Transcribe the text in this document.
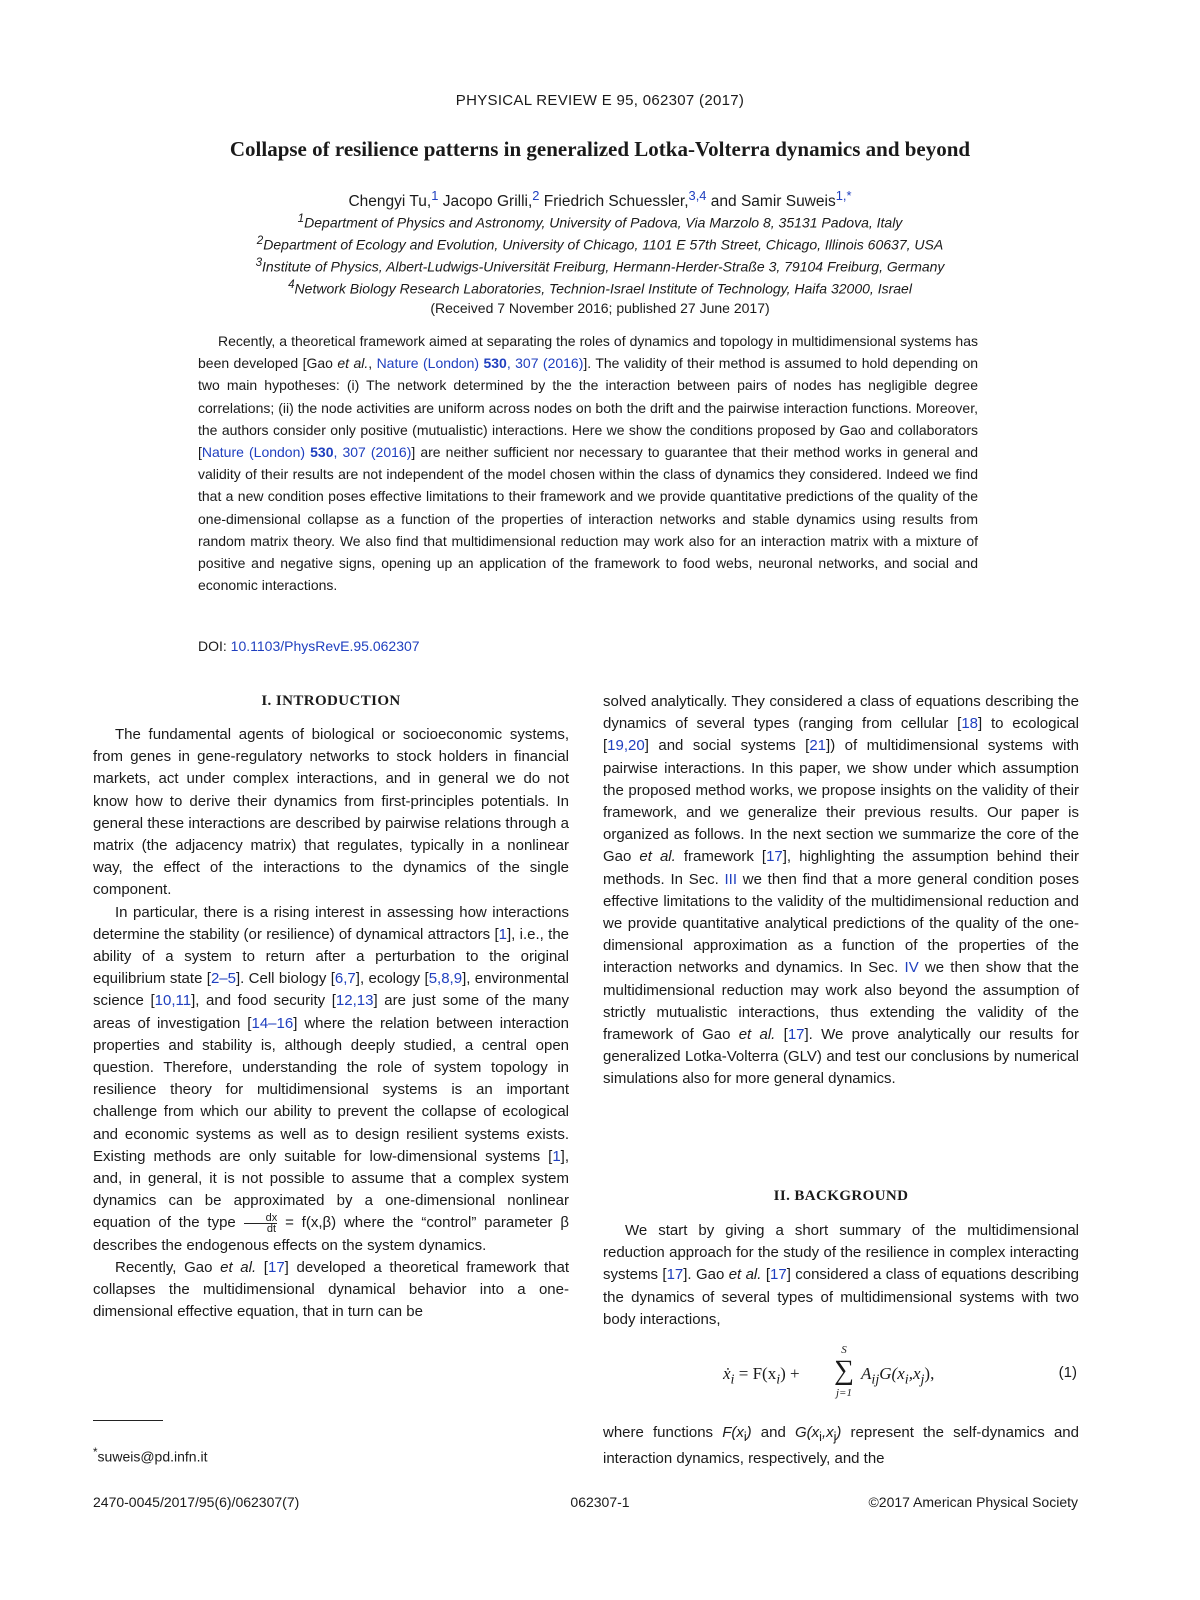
PHYSICAL REVIEW E 95, 062307 (2017)
Collapse of resilience patterns in generalized Lotka-Volterra dynamics and beyond
Chengyi Tu,$^1$ Jacopo Grilli,$^2$ Friedrich Schuessler,$^{3,4}$ and Samir Suweis$^{1,*}$
$^1$Department of Physics and Astronomy, University of Padova, Via Marzolo 8, 35131 Padova, Italy
$^2$Department of Ecology and Evolution, University of Chicago, 1101 E 57th Street, Chicago, Illinois 60637, USA
$^3$Institute of Physics, Albert-Ludwigs-Universität Freiburg, Hermann-Herder-Straße 3, 79104 Freiburg, Germany
$^4$Network Biology Research Laboratories, Technion-Israel Institute of Technology, Haifa 32000, Israel
(Received 7 November 2016; published 27 June 2017)
Recently, a theoretical framework aimed at separating the roles of dynamics and topology in multidimensional systems has been developed [Gao et al., Nature (London) 530, 307 (2016)]. The validity of their method is assumed to hold depending on two main hypotheses: (i) The network determined by the the interaction between pairs of nodes has negligible degree correlations; (ii) the node activities are uniform across nodes on both the drift and the pairwise interaction functions. Moreover, the authors consider only positive (mutualistic) interactions. Here we show the conditions proposed by Gao and collaborators [Nature (London) 530, 307 (2016)] are neither sufficient nor necessary to guarantee that their method works in general and validity of their results are not independent of the model chosen within the class of dynamics they considered. Indeed we find that a new condition poses effective limitations to their framework and we provide quantitative predictions of the quality of the one-dimensional collapse as a function of the properties of interaction networks and stable dynamics using results from random matrix theory. We also find that multidimensional reduction may work also for an interaction matrix with a mixture of positive and negative signs, opening up an application of the framework to food webs, neuronal networks, and social and economic interactions.
DOI: 10.1103/PhysRevE.95.062307
I. INTRODUCTION

The fundamental agents of biological or socioeconomic systems, from genes in gene-regulatory networks to stock holders in financial markets, act under complex interactions, and in general we do not know how to derive their dynamics from first-principles potentials. In general these interactions are described by pairwise relations through a matrix (the adjacency matrix) that regulates, typically in a nonlinear way, the effect of the interactions to the dynamics of the single component.

In particular, there is a rising interest in assessing how interactions determine the stability (or resilience) of dynamical attractors [1], i.e., the ability of a system to return after a perturbation to the original equilibrium state [2–5]. Cell biology [6,7], ecology [5,8,9], environmental science [10,11], and food security [12,13] are just some of the many areas of investigation [14–16] where the relation between interaction properties and stability is, although deeply studied, a central open question. Therefore, understanding the role of system topology in resilience theory for multidimensional systems is an important challenge from which our ability to prevent the collapse of ecological and economic systems as well as to design resilient systems exists. Existing methods are only suitable for low-dimensional systems [1], and, in general, it is not possible to assume that a complex system dynamics can be approximated by a one-dimensional nonlinear equation of the type $\frac{dx}{dt} = f(x,\beta)$ where the “control” parameter β describes the endogenous effects on the system dynamics.

Recently, Gao et al. [17] developed a theoretical framework that collapses the multidimensional dynamical behavior into a one-dimensional effective equation, that in turn can be

solved analytically. They considered a class of equations describing the dynamics of several types (ranging from cellular [18] to ecological [19,20] and social systems [21]) of multidimensional systems with pairwise interactions. In this paper, we show under which assumption the proposed method works, we propose insights on the validity of their framework, and we generalize their previous results. Our paper is organized as follows. In the next section we summarize the core of the Gao et al. framework [17], highlighting the assumption behind their methods. In Sec. III we then find that a more general condition poses effective limitations to the validity of the multidimensional reduction and we provide quantitative analytical predictions of the quality of the one-dimensional approximation as a function of the properties of the interaction networks and dynamics. In Sec. IV we then show that the multidimensional reduction may work also beyond the assumption of strictly mutualistic interactions, thus extending the validity of the framework of Gao et al. [17]. We prove analytically our results for generalized Lotka-Volterra (GLV) and test our conclusions by numerical simulations also for more general dynamics.

II. BACKGROUND

We start by giving a short summary of the multidimensional reduction approach for the study of the resilience in complex interacting systems [17]. Gao et al. [17] considered a class of equations describing the dynamics of several types of multidimensional systems with two body interactions,

ẋ$_i$ = $F(x_i)$ +
S
∑
j=1
$A_{ij}G(x_i,x_j)$,	(1)

where functions $F(x_i)$ and $G(x_i,x_j)$ represent the self-dynamics and interaction dynamics, respectively, and the

*suweis@pd.infn.it
2470-0045/2017/95(6)/062307(7)	062307-1	©2017 American Physical Society
